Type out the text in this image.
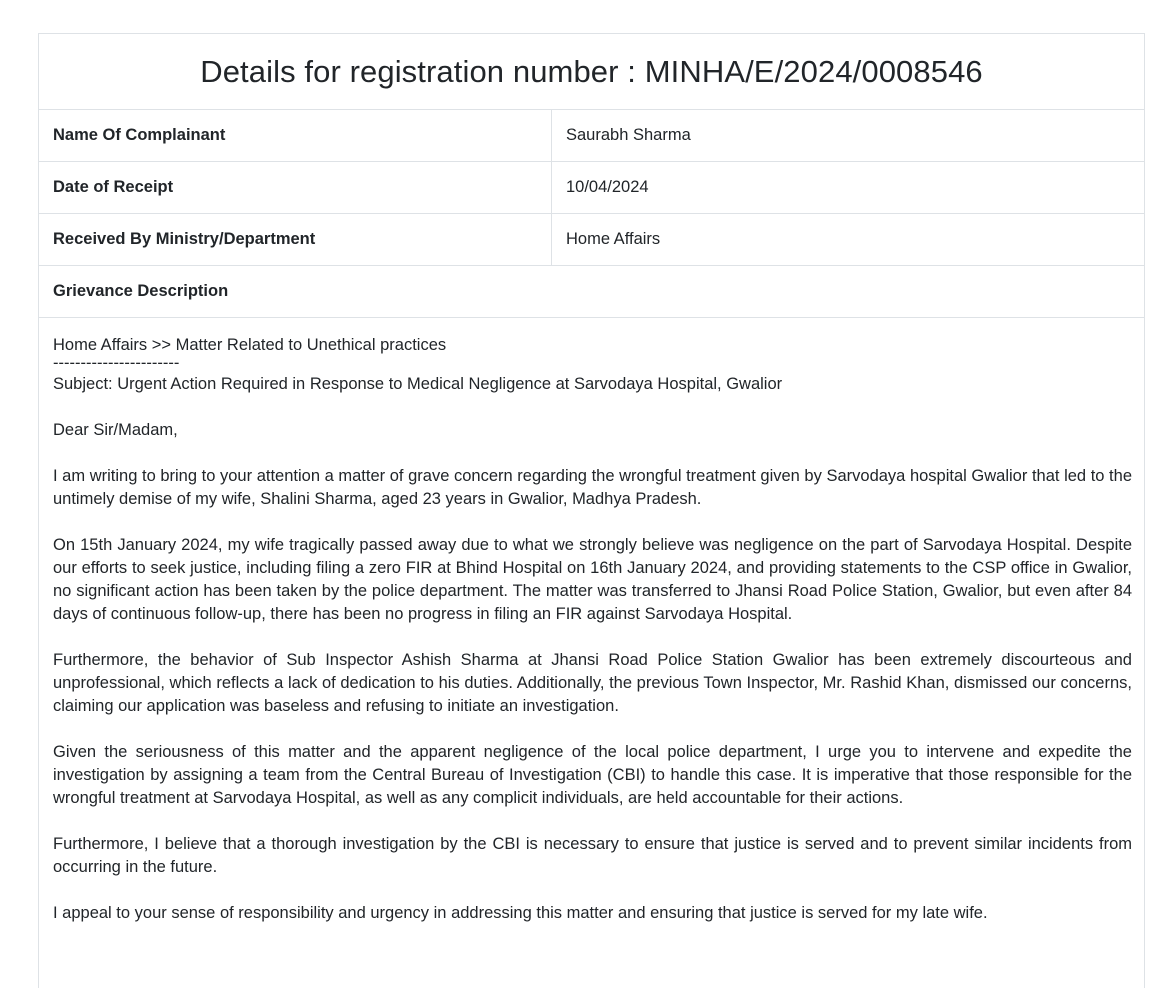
Details for registration number : MINHA/E/2024/0008546
Name Of Complainant	Saurabh Sharma
Date of Receipt	10/04/2024
Received By Ministry/Department	Home Affairs
Grievance Description
Home Affairs >> Matter Related to Unethical practices
-----------------------
Subject: Urgent Action Required in Response to Medical Negligence at Sarvodaya Hospital, Gwalior
Dear Sir/Madam,

I am writing to bring to your attention a matter of grave concern regarding the wrongful treatment given by Sarvodaya hospital Gwalior that led to the untimely demise of my wife, Shalini Sharma, aged 23 years in Gwalior, Madhya Pradesh.

On 15th January 2024, my wife tragically passed away due to what we strongly believe was negligence on the part of Sarvodaya Hospital. Despite our efforts to seek justice, including filing a zero FIR at Bhind Hospital on 16th January 2024, and providing statements to the CSP office in Gwalior, no significant action has been taken by the police department. The matter was transferred to Jhansi Road Police Station, Gwalior, but even after 84 days of continuous follow-up, there has been no progress in filing an FIR against Sarvodaya Hospital.

Furthermore, the behavior of Sub Inspector Ashish Sharma at Jhansi Road Police Station Gwalior has been extremely discourteous and unprofessional, which reflects a lack of dedication to his duties. Additionally, the previous Town Inspector, Mr. Rashid Khan, dismissed our concerns, claiming our application was baseless and refusing to initiate an investigation.

Given the seriousness of this matter and the apparent negligence of the local police department, I urge you to intervene and expedite the investigation by assigning a team from the Central Bureau of Investigation (CBI) to handle this case. It is imperative that those responsible for the wrongful treatment at Sarvodaya Hospital, as well as any complicit individuals, are held accountable for their actions.

Furthermore, I believe that a thorough investigation by the CBI is necessary to ensure that justice is served and to prevent similar incidents from occurring in the future.

I appeal to your sense of responsibility and urgency in addressing this matter and ensuring that justice is served for my late wife.
